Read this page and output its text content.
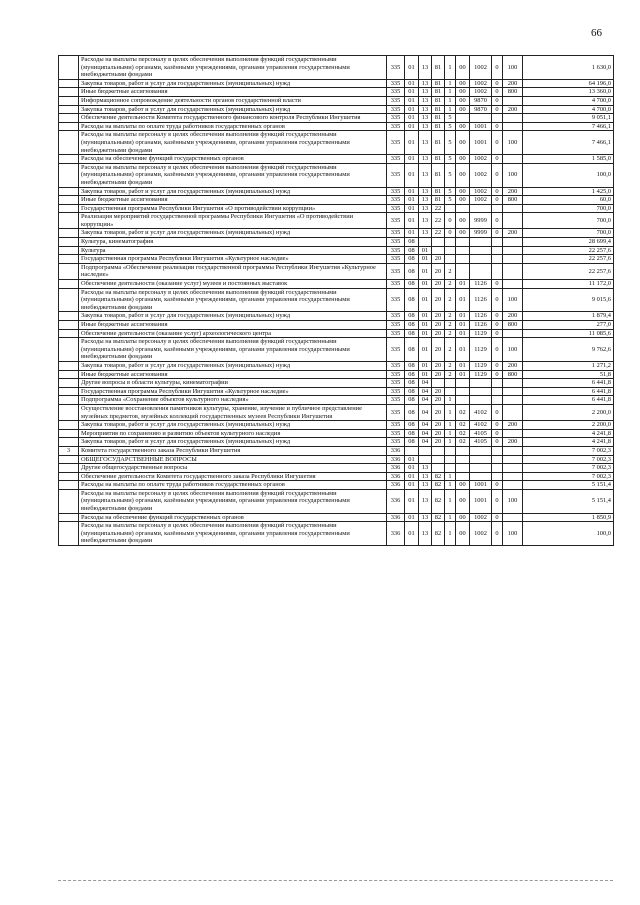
66
	Расходы на выплаты персоналу в целях обеспечения выполнения функций государственными (муниципальными) органами, казёнными учреждениями, органами управления государственными внебюджетными фондами	335	01	13	81	1	00	1002	0	100	1 630,0
	Закупка товаров, работ и услуг для государственных (муниципальных) нужд	335	01	13	81	1	00	1002	0	200	64 196,0
	Иные бюджетные ассигнования	335	01	13	81	1	00	1002	0	800	13 360,0
	Информационное сопровождение деятельности органов государственной власти	335	01	13	81	1	00	9870	0		4 700,0
	Закупка товаров, работ и услуг для государственных (муниципальных) нужд	335	01	13	81	1	00	9870	0	200	4 700,0
	Обеспечение деятельности Комитета государственного финансового контроля Республики Ингушетия	335	01	13	81	5					9 051,1
	Расходы на выплаты по оплате труда работников государственных органов	335	01	13	81	5	00	1001	0		7 466,1
	Расходы на выплаты персоналу в целях обеспечения выполнения функций государственными (муниципальными) органами, казёнными учреждениями, органами управления государственными внебюджетными фондами	335	01	13	81	5	00	1001	0	100	7 466,1
	Расходы на обеспечение функций государственных органов	335	01	13	81	5	00	1002	0		1 585,0
	Расходы на выплаты персоналу в целях обеспечения выполнения функций государственными (муниципальными) органами, казёнными учреждениями, органами управления государственными внебюджетными фондами	335	01	13	81	5	00	1002	0	100	100,0
	Закупка товаров, работ и услуг для государственных (муниципальных) нужд	335	01	13	81	5	00	1002	0	200	1 425,0
	Иные бюджетные ассигнования	335	01	13	81	5	00	1002	0	800	60,0
	Государственная программа Республики Ингушетия «О противодействии коррупции»	335	01	13	22						700,0
	Реализация мероприятий государственной программы Республики Ингушетия «О противодействии коррупции»	335	01	13	22	0	00	9999	0		700,0
	Закупка товаров, работ и услуг для государственных (муниципальных) нужд	335	01	13	22	0	00	9999	0	200	700,0
	Культура, кинематография	335	08								28 699,4
	Культура	335	08	01							22 257,6
	Государственная программа Республики Ингушетия «Культурное наследие»	335	08	01	20						22 257,6
	Подпрограмма «Обеспечение реализации государственной программы Республики Ингушетия «Культурное наследие»	335	08	01	20	2					22 257,6
	Обеспечение деятельности (оказание услуг) музеев и постоянных выставок	335	08	01	20	2	01	1126	0		11 172,0
	Расходы на выплаты персоналу в целях обеспечения выполнения функций государственными (муниципальными) органами, казёнными учреждениями, органами управления государственными внебюджетными фондами	335	08	01	20	2	01	1126	0	100	9 015,6
	Закупка товаров, работ и услуг для государственных (муниципальных) нужд	335	08	01	20	2	01	1126	0	200	1 879,4
	Иные бюджетные ассигнования	335	08	01	20	2	01	1126	0	800	277,0
	Обеспечение деятельности (оказание услуг) археологического центра	335	08	01	20	2	01	1129	0		11 085,6
	Расходы на выплаты персоналу в целях обеспечения выполнения функций государственными (муниципальными) органами, казёнными учреждениями, органами управления государственными внебюджетными фондами	335	08	01	20	2	01	1129	0	100	9 762,6
	Закупка товаров, работ и услуг для государственных (муниципальных) нужд	335	08	01	20	2	01	1129	0	200	1 271,2
	Иные бюджетные ассигнования	335	08	01	20	2	01	1129	0	800	51,8
	Другие вопросы в области культуры, кинематографии	335	08	04							6 441,8
	Государственная программа Республики Ингушетия «Культурное наследие»	335	08	04	20						6 441,8
	Подпрограмма «Сохранение объектов культурного наследия»	335	08	04	20	1					6 441,8
	Осуществление восстановления памятников культуры, хранение, изучение и публичное представление музейных предметов, музейных коллекций государственных музеев Республики Ингушетия	335	08	04	20	1	02	4102	0		2 200,0
	Закупка товаров, работ и услуг для государственных (муниципальных) нужд	335	08	04	20	1	02	4102	0	200	2 200,0
	Мероприятия по сохранению и развитию объектов культурного наследия	335	08	04	20	1	02	4105	0		4 241,8
	Закупка товаров, работ и услуг для государственных (муниципальных) нужд	335	08	04	20	1	02	4105	0	200	4 241,8
3	Комитета государственного заказа Республики Ингушетия	336									7 002,3
	ОБЩЕГОСУДАРСТВЕННЫЕ ВОПРОСЫ	336	01								7 002,3
	Другие общегосударственные вопросы	336	01	13							7 002,3
	Обеспечение деятельности Комитета государственного заказа Республики Ингушетия	336	01	13	82	1					7 002,3
	Расходы на выплаты по оплате труда работников государственных органов	336	01	13	82	1	00	1001	0		5 151,4
	Расходы на выплаты персоналу в целях обеспечения выполнения функций государственными (муниципальными) органами, казёнными учреждениями, органами управления государственными внебюджетными фондами	336	01	13	82	1	00	1001	0	100	5 151,4
	Расходы на обеспечение функций государственных органов	336	01	13	82	1	00	1002	0		1 850,9
	Расходы на выплаты персоналу в целях обеспечения выполнения функций государственными (муниципальными) органами, казёнными учреждениями, органами управления государственными внебюджетными фондами	336	01	13	82	1	00	1002	0	100	100,0
